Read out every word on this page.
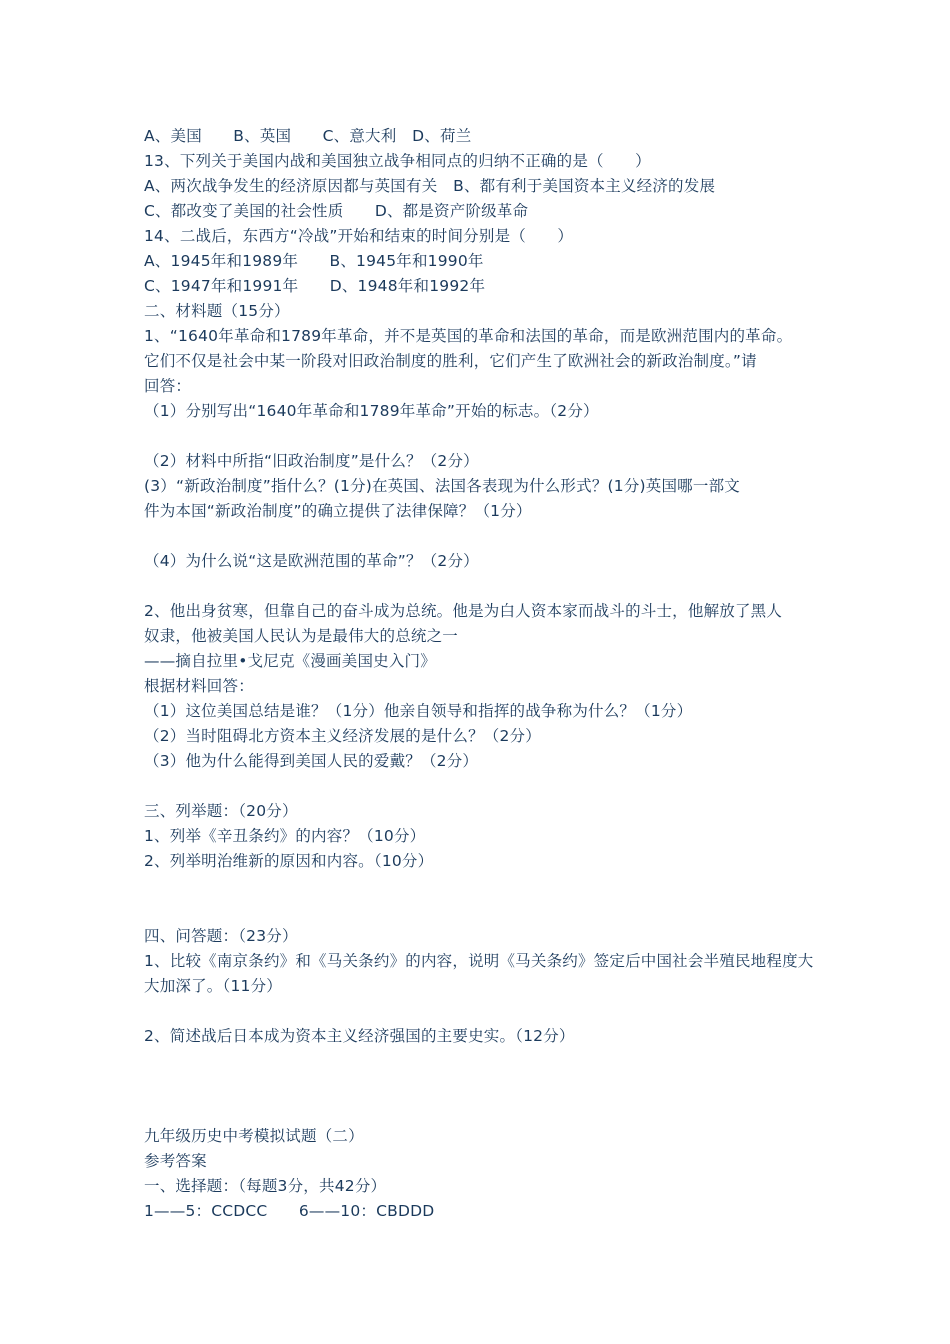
A、美国　　B、英国　　C、意大利　D、荷兰
13、下列关于美国内战和美国独立战争相同点的归纳不正确的是（　　）
A、两次战争发生的经济原因都与英国有关　B、都有利于美国资本主义经济的发展
C、都改变了美国的社会性质　　D、都是资产阶级革命
14、二战后，东西方“冷战”开始和结束的时间分别是（　　）
A、1945年和1989年　　B、1945年和1990年
C、1947年和1991年　　D、1948年和1992年
二、材料题（15分）
1、“1640年革命和1789年革命，并不是英国的革命和法国的革命，而是欧洲范围内的革命。
它们不仅是社会中某一阶段对旧政治制度的胜利，它们产生了欧洲社会的新政治制度。”请
回答：
（1）分别写出“1640年革命和1789年革命”开始的标志。（2分）
（2）材料中所指“旧政治制度”是什么？（2分）
(3）“新政治制度”指什么？(1分)在英国、法国各表现为什么形式？(1分)英国哪一部文
件为本国“新政治制度”的确立提供了法律保障？（1分）
（4）为什么说“这是欧洲范围的革命”？（2分）
2、他出身贫寒，但靠自己的奋斗成为总统。他是为白人资本家而战斗的斗士，他解放了黑人
奴隶，他被美国人民认为是最伟大的总统之一
——摘自拉里•戈尼克《漫画美国史入门》
根据材料回答：
（1）这位美国总结是谁？（1分）他亲自领导和指挥的战争称为什么？（1分）
（2）当时阻碍北方资本主义经济发展的是什么？（2分）
（3）他为什么能得到美国人民的爱戴？（2分）
三、列举题：（20分）
1、列举《辛丑条约》的内容？（10分）
2、列举明治维新的原因和内容。（10分）
四、问答题：（23分）
1、比较《南京条约》和《马关条约》的内容，说明《马关条约》签定后中国社会半殖民地程度大
大加深了。（11分）
2、简述战后日本成为资本主义经济强国的主要史实。（12分）
九年级历史中考模拟试题（二）
参考答案
一、选择题：（每题3分，共42分）
1——5：CCDCC　　6——10：CBDDD
